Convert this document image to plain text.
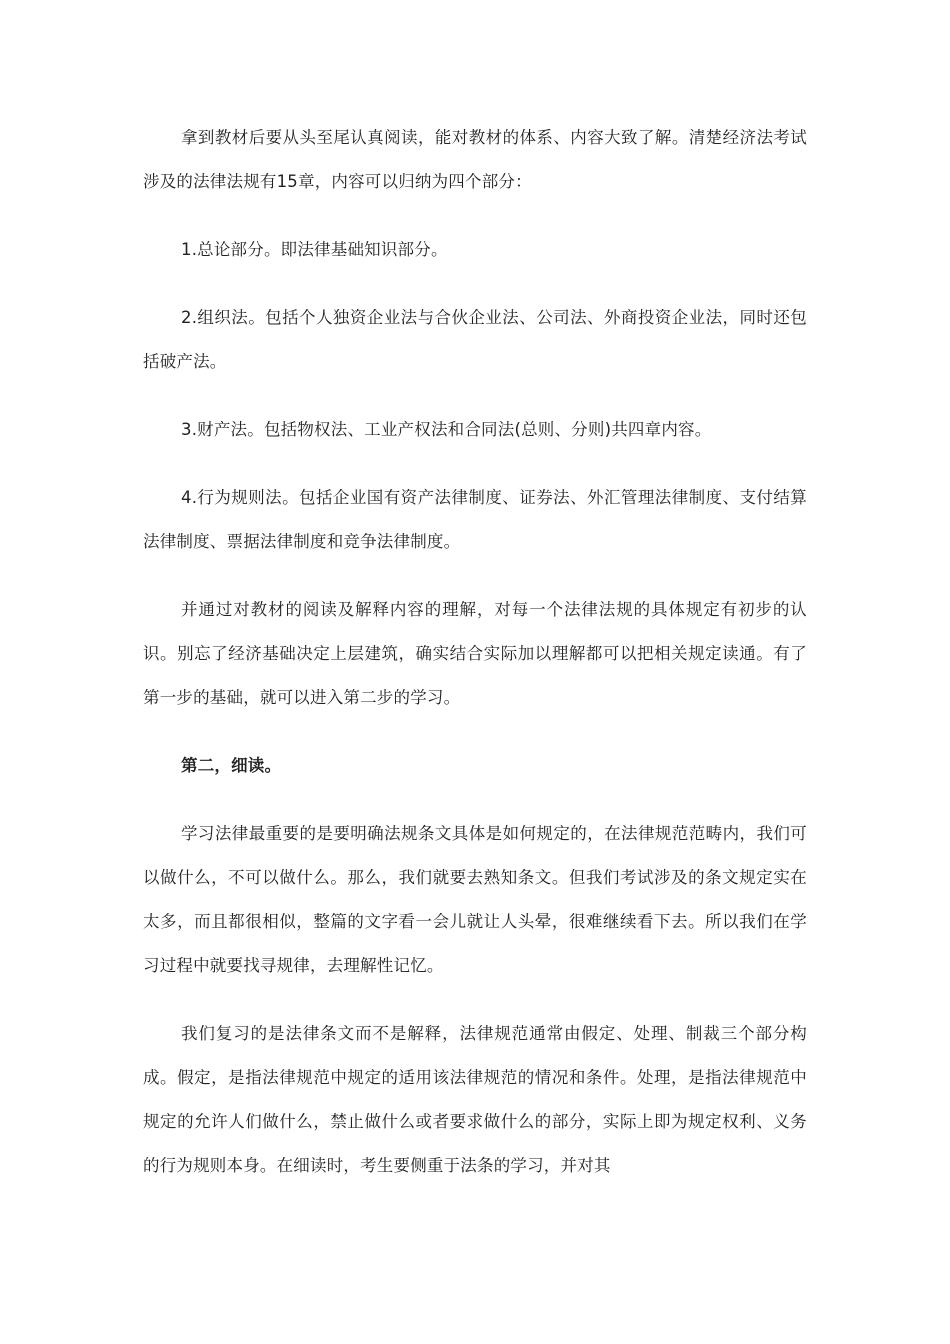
拿到教材后要从头至尾认真阅读，能对教材的体系、内容大致了解。清楚经济法考试涉及的法律法规有15章，内容可以归纳为四个部分：

1.总论部分。即法律基础知识部分。

2.组织法。包括个人独资企业法与合伙企业法、公司法、外商投资企业法，同时还包括破产法。

3.财产法。包括物权法、工业产权法和合同法(总则、分则)共四章内容。

4.行为规则法。包括企业国有资产法律制度、证券法、外汇管理法律制度、支付结算法律制度、票据法律制度和竞争法律制度。

并通过对教材的阅读及解释内容的理解，对每一个法律法规的具体规定有初步的认识。别忘了经济基础决定上层建筑，确实结合实际加以理解都可以把相关规定读通。有了第一步的基础，就可以进入第二步的学习。

第二，细读。

学习法律最重要的是要明确法规条文具体是如何规定的，在法律规范范畴内，我们可以做什么，不可以做什么。那么，我们就要去熟知条文。但我们考试涉及的条文规定实在太多，而且都很相似，整篇的文字看一会儿就让人头晕，很难继续看下去。所以我们在学习过程中就要找寻规律，去理解性记忆。

我们复习的是法律条文而不是解释，法律规范通常由假定、处理、制裁三个部分构成。假定，是指法律规范中规定的适用该法律规范的情况和条件。处理，是指法律规范中规定的允许人们做什么，禁止做什么或者要求做什么的部分，实际上即为规定权利、义务的行为规则本身。在细读时，考生要侧重于法条的学习，并对其
